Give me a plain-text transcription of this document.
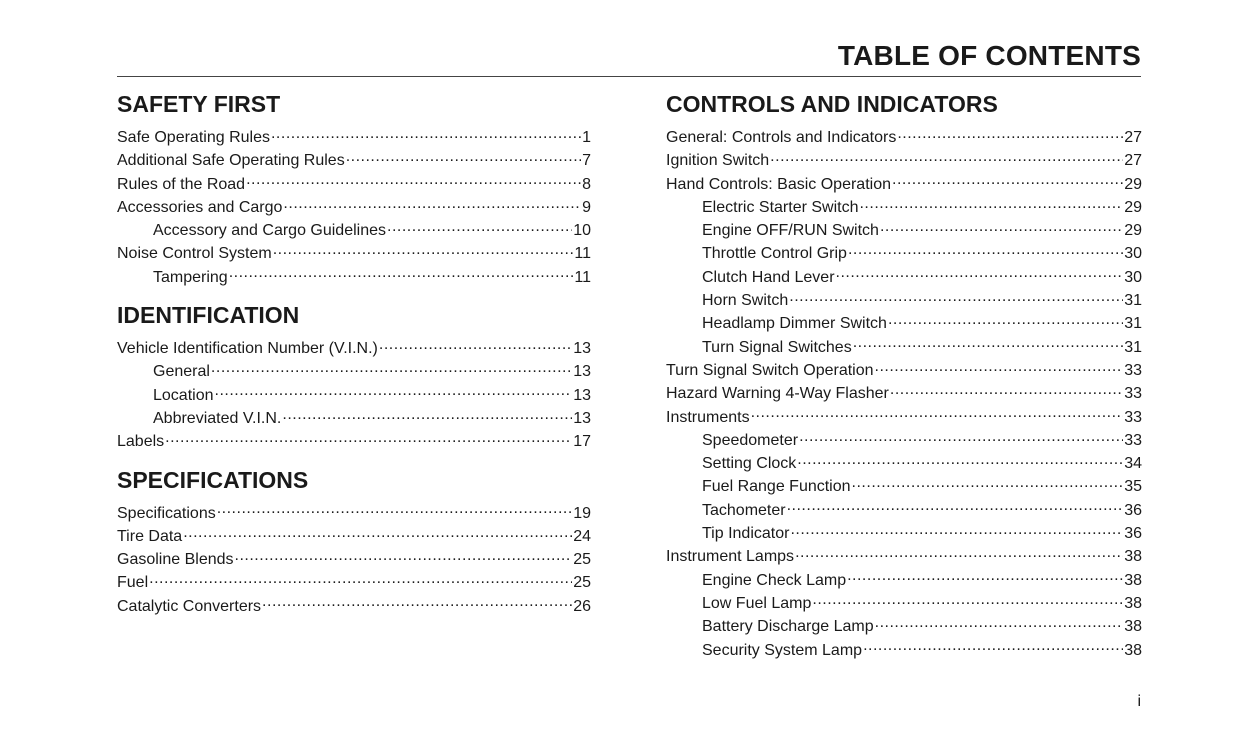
TABLE OF CONTENTS
SAFETY FIRST
Safe Operating Rules .....	1
Additional Safe Operating Rules .....	7
Rules of the Road .....	8
Accessories and Cargo .....	9
Accessory and Cargo Guidelines .....	10
Noise Control System .....	11
Tampering .....	11
IDENTIFICATION
Vehicle Identification Number (V.I.N.) .....	13
General .....	13
Location .....	13
Abbreviated V.I.N. .....	13
Labels .....	17
SPECIFICATIONS
Specifications .....	19
Tire Data .....	24
Gasoline Blends .....	25
Fuel .....	25
Catalytic Converters .....	26
CONTROLS AND INDICATORS
General: Controls and Indicators .....	27
Ignition Switch .....	27
Hand Controls: Basic Operation .....	29
Electric Starter Switch .....	29
Engine OFF/RUN Switch .....	29
Throttle Control Grip .....	30
Clutch Hand Lever .....	30
Horn Switch .....	31
Headlamp Dimmer Switch .....	31
Turn Signal Switches .....	31
Turn Signal Switch Operation .....	33
Hazard Warning 4-Way Flasher .....	33
Instruments .....	33
Speedometer .....	33
Setting Clock .....	34
Fuel Range Function .....	35
Tachometer .....	36
Tip Indicator .....	36
Instrument Lamps .....	38
Engine Check Lamp .....	38
Low Fuel Lamp .....	38
Battery Discharge Lamp .....	38
Security System Lamp .....	38
i
